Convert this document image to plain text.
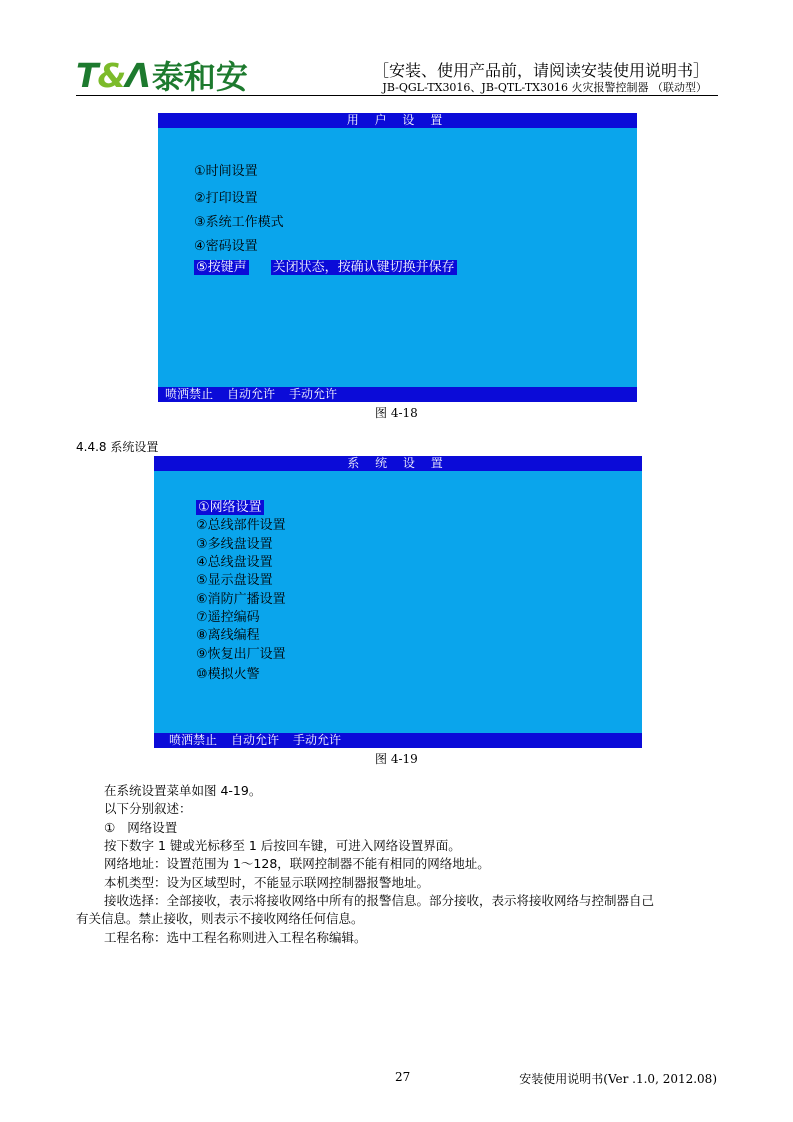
T&Λ 泰和安	［安装、使用产品前，请阅读安装使用说明书］
JB-QGL-TX3016、JB-QTL-TX3016 火灾报警控制器 （联动型）
用 户 设 置
①时间设置
②打印设置
③系统工作模式
④密码设置
⑤按键声 关闭状态，按确认键切换并保存
喷洒禁止 自动允许 手动允许
图 4-18
4.4.8 系统设置
系 统 设 置
①网络设置
②总线部件设置
③多线盘设置
④总线盘设置
⑤显示盘设置
⑥消防广播设置
⑦遥控编码
⑧离线编程
⑨恢复出厂设置
⑩模拟火警
喷洒禁止 自动允许 手动允许
图 4-19
在系统设置菜单如图 4-19。
以下分别叙述：
① 网络设置
按下数字 1 键或光标移至 1 后按回车键，可进入网络设置界面。
网络地址：设置范围为 1～128，联网控制器不能有相同的网络地址。
本机类型：设为区域型时，不能显示联网控制器报警地址。
接收选择：全部接收，表示将接收网络中所有的报警信息。部分接收，表示将接收网络与控制器自己
有关信息。禁止接收，则表示不接收网络任何信息。
工程名称：选中工程名称则进入工程名称编辑。
27	安装使用说明书(Ver .1.0, 2012.08)
